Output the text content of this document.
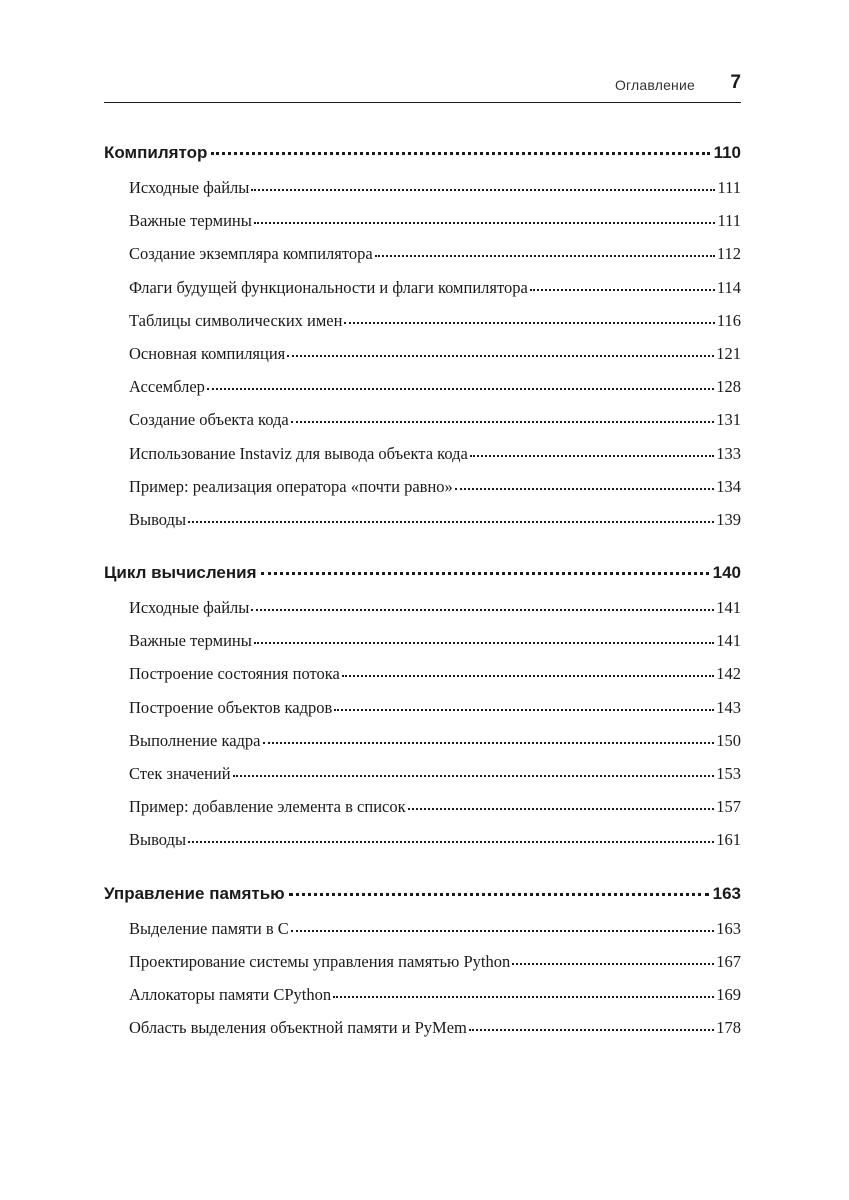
Оглавление 7
Компилятор	110
Исходные файлы	111
Важные термины	111
Создание экземпляра компилятора	112
Флаги будущей функциональности и флаги компилятора	114
Таблицы символических имен	116
Основная компиляция	121
Ассемблер	128
Создание объекта кода	131
Использование Instaviz для вывода объекта кода	133
Пример: реализация оператора «почти равно»	134
Выводы	139
Цикл вычисления	140
Исходные файлы	141
Важные термины	141
Построение состояния потока	142
Построение объектов кадров	143
Выполнение кадра	150
Стек значений	153
Пример: добавление элемента в список	157
Выводы	161
Управление памятью	163
Выделение памяти в C	163
Проектирование системы управления памятью Python	167
Аллокаторы памяти CPython	169
Область выделения объектной памяти и PyMem	178
